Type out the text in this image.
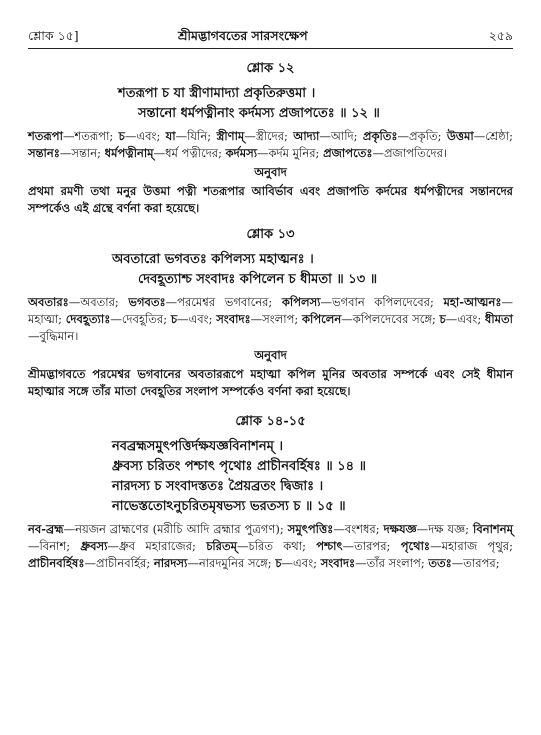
শ্লোক ১৫]	শ্রীমদ্ভাগবতের সারসংক্ষেপ	২৫৯
শ্লোক ১২
শতরূপা চ যা স্ত্রীণামাদ্যা প্রকৃতিরুত্তমা ।
সন্তানো ধর্মপত্নীনাং কর্দমস্য প্রজাপতেঃ ॥ ১২ ॥
শতরূপা—শতরূপা; চ—এবং; যা—যিনি; স্ত্রীণাম্—স্ত্রীদের; আদ্যা—আদি; প্রকৃতিঃ—প্রকৃতি; উত্তমা—শ্রেষ্ঠা; সন্তানঃ—সন্তান; ধর্মপত্নীনাম্—ধর্ম পত্নীদের; কর্দমস্য—কর্দম মুনির; প্রজাপতেঃ—প্রজাপতিদের।
অনুবাদ
প্রথমা রমণী তথা মনুর উত্তমা পত্নী শতরূপার আবির্ভাব এবং প্রজাপতি কর্দমের ধর্মপত্নীদের সন্তানদের সম্পর্কেও এই গ্রন্থে বর্ণনা করা হয়েছে।
শ্লোক ১৩
অবতারো ভগবতঃ কপিলস্য মহাত্মনঃ ।
দেবহূত্যাশ্চ সংবাদঃ কপিলেন চ ধীমতা ॥ ১৩ ॥
অবতারঃ—অবতার; ভগবতঃ—পরমেশ্বর ভগবানের; কপিলস্য—ভগবান কপিলদেবের; মহা-আত্মনঃ—মহাত্মা; দেবহূত্যাঃ—দেবহূতির; চ—এবং; সংবাদঃ—সংলাপ; কপিলেন—কপিলদেবের সঙ্গে; চ—এবং; ধীমতা—বুদ্ধিমান।
অনুবাদ
শ্রীমদ্ভাগবতে পরমেশ্বর ভগবানের অবতাররূপে মহাত্মা কপিল মুনির অবতার সম্পর্কে এবং সেই ধীমান মহাত্মার সঙ্গে তাঁর মাতা দেবহূতির সংলাপ সম্পর্কেও বর্ণনা করা হয়েছে।
শ্লোক ১৪-১৫
নবব্রহ্মসমুৎপত্তির্দক্ষযজ্ঞবিনাশনম্ ।
ধ্রুবস্য চরিতং পশ্চাৎ পৃথোঃ প্রাচীনবর্হিষঃ ॥ ১৪ ॥
নারদস্য চ সংবাদস্ততঃ প্রৈয়ব্রতং দ্বিজাঃ ।
নাভেস্ততোঽনুচরিতমৃষভস্য ভরতস্য চ ॥ ১৫ ॥
নব-ব্রহ্ম—নয়জন ব্রাহ্মণের (মরীচি আদি ব্রহ্মার পুত্রগণ); সমুৎপত্তিঃ—বংশধর; দক্ষযজ্ঞ—দক্ষ যজ্ঞ; বিনাশনম্—বিনাশ; ধ্রুবস্য—ধ্রুব মহারাজের; চরিতম্—চরিত কথা; পশ্চাৎ—তারপর; পৃথোঃ—মহারাজ পৃথুর; প্রাচীনবর্হিষঃ—প্রাচীনবর্হির; নারদস্য—নারদমুনির সঙ্গে; চ—এবং; সংবাদঃ—তাঁর সংলাপ; ততঃ—তারপর;
